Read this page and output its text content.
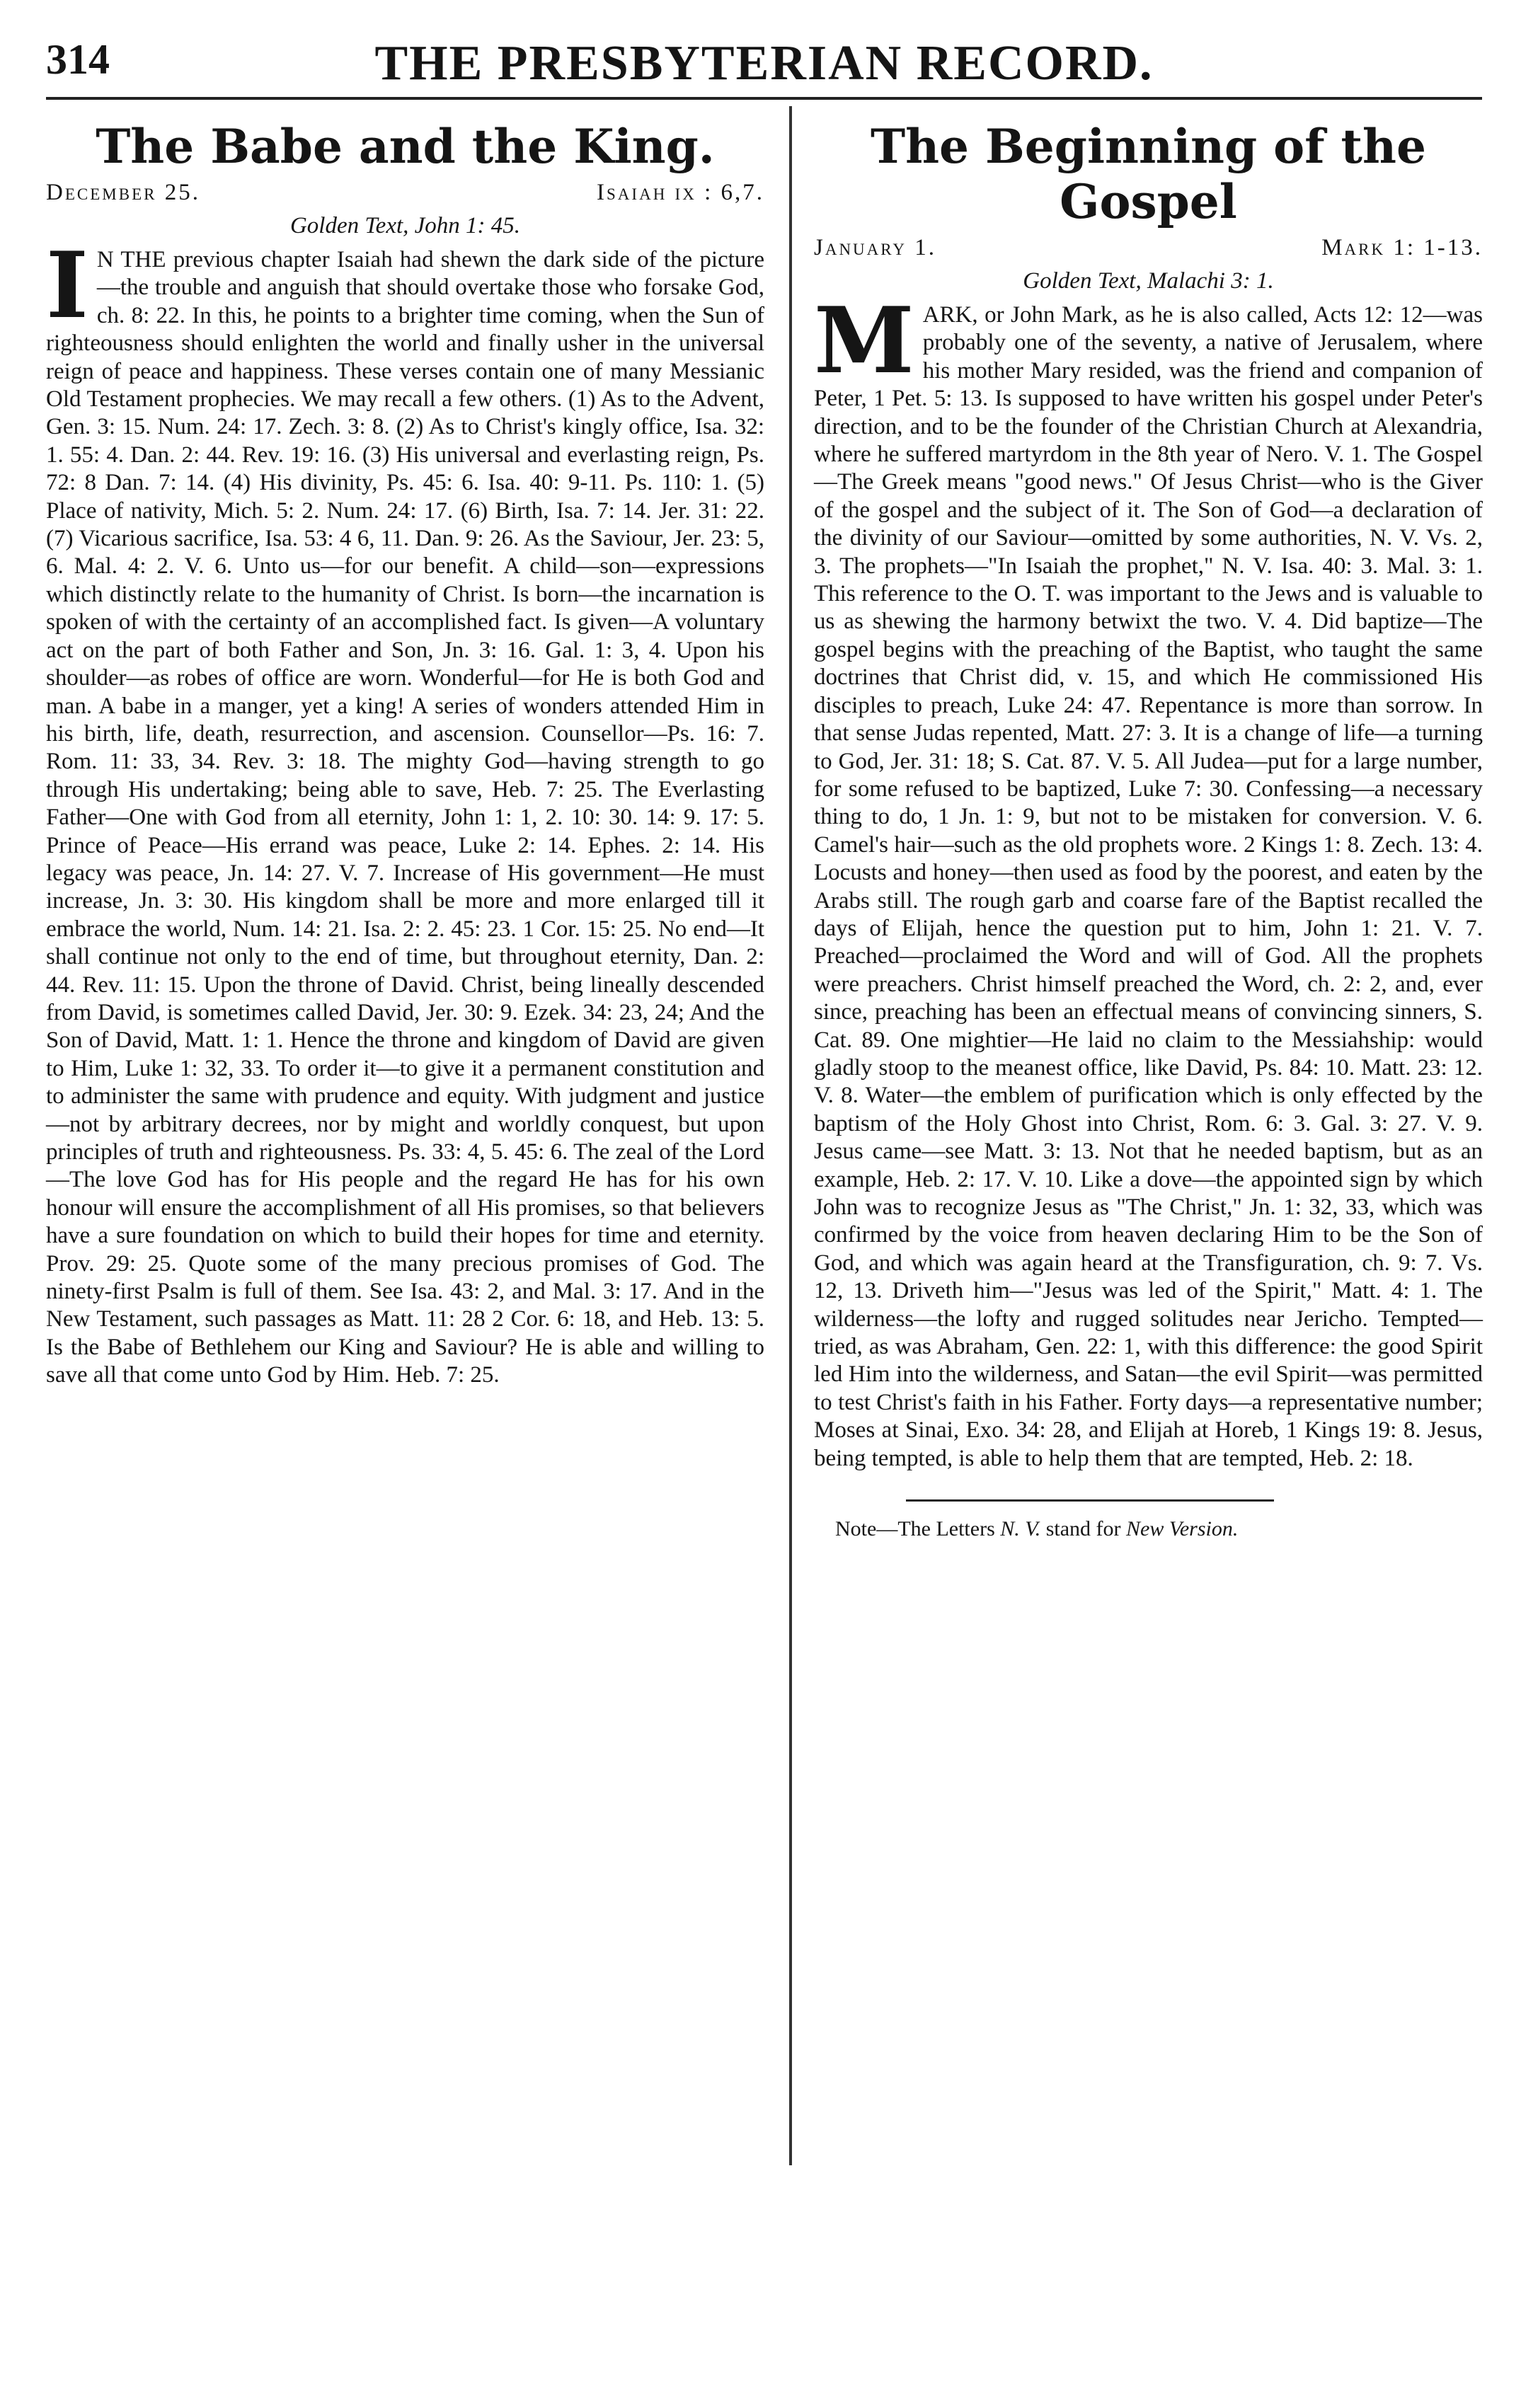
314	THE PRESBYTERIAN RECORD.
The Babe and the King.
December 25.	Isaiah ix : 6,7.
Golden Text, John 1: 45.

I N THE previous chapter Isaiah had shewn the dark side of the picture—the trouble and anguish that should overtake those who forsake God, ch. 8: 22. In this, he points to a brighter time coming, when the Sun of righteousness should enlighten the world and finally usher in the universal reign of peace and happiness. These verses contain one of many Messianic Old Testament prophecies. We may recall a few others. (1) As to the Advent, Gen. 3: 15. Num. 24: 17. Zech. 3: 8. (2) As to Christ's kingly office, Isa. 32: 1. 55: 4. Dan. 2: 44. Rev. 19: 16. (3) His universal and everlasting reign, Ps. 72: 8 Dan. 7: 14. (4) His divinity, Ps. 45: 6. Isa. 40: 9-11. Ps. 110: 1. (5) Place of nativity, Mich. 5: 2. Num. 24: 17. (6) Birth, Isa. 7: 14. Jer. 31: 22. (7) Vicarious sacrifice, Isa. 53: 4 6, 11. Dan. 9: 26. As the Saviour, Jer. 23: 5, 6. Mal. 4: 2. V. 6. Unto us—for our benefit. A child—son—expressions which distinctly relate to the humanity of Christ. Is born—the incarnation is spoken of with the certainty of an accomplished fact. Is given—A voluntary act on the part of both Father and Son, Jn. 3: 16. Gal. 1: 3, 4. Upon his shoulder—as robes of office are worn. Wonderful—for He is both God and man. A babe in a manger, yet a king! A series of wonders attended Him in his birth, life, death, resurrection, and ascension. Counsellor—Ps. 16: 7. Rom. 11: 33, 34. Rev. 3: 18. The mighty God—having strength to go through His undertaking; being able to save, Heb. 7: 25. The Everlasting Father—One with God from all eternity, John 1: 1, 2. 10: 30. 14: 9. 17: 5. Prince of Peace—His errand was peace, Luke 2: 14. Ephes. 2: 14. His legacy was peace, Jn. 14: 27. V. 7. Increase of His government—He must increase, Jn. 3: 30. His kingdom shall be more and more enlarged till it embrace the world, Num. 14: 21. Isa. 2: 2. 45: 23. 1 Cor. 15: 25. No end—It shall continue not only to the end of time, but throughout eternity, Dan. 2: 44. Rev. 11: 15. Upon the throne of David. Christ, being lineally descended from David, is sometimes called David, Jer. 30: 9. Ezek. 34: 23, 24; And the Son of David, Matt. 1: 1. Hence the throne and kingdom of David are given to Him, Luke 1: 32, 33. To order it—to give it a permanent constitution and to administer the same with prudence and equity. With judgment and justice—not by arbitrary decrees, nor by might and worldly conquest, but upon principles of truth and righteousness. Ps. 33: 4, 5. 45: 6. The zeal of the Lord—The love God has for His people and the regard He has for his own honour will ensure the accomplishment of all His promises, so that believers have a sure foundation on which to build their hopes for time and eternity. Prov. 29: 25. Quote some of the many precious promises of God. The ninety-first Psalm is full of them. See Isa. 43: 2, and Mal. 3: 17. And in the New Testament, such passages as Matt. 11: 28 2 Cor. 6: 18, and Heb. 13: 5. Is the Babe of Bethlehem our King and Saviour? He is able and willing to save all that come unto God by Him. Heb. 7: 25.

The Beginning of the Gospel
January 1.	Mark 1: 1-13.
Golden Text, Malachi 3: 1.

MARK, or John Mark, as he is also called, Acts 12: 12—was probably one of the seventy, a native of Jerusalem, where his mother Mary resided, was the friend and companion of Peter, 1 Pet. 5: 13. Is supposed to have written his gospel under Peter's direction, and to be the founder of the Christian Church at Alexandria, where he suffered martyrdom in the 8th year of Nero. V. 1. The Gospel—The Greek means "good news." Of Jesus Christ—who is the Giver of the gospel and the subject of it. The Son of God—a declaration of the divinity of our Saviour—omitted by some authorities, N. V. Vs. 2, 3. The prophets—"In Isaiah the prophet," N. V. Isa. 40: 3. Mal. 3: 1. This reference to the O. T. was important to the Jews and is valuable to us as shewing the harmony betwixt the two. V. 4. Did baptize—The gospel begins with the preaching of the Baptist, who taught the same doctrines that Christ did, v. 15, and which He commissioned His disciples to preach, Luke 24: 47. Repentance is more than sorrow. In that sense Judas repented, Matt. 27: 3. It is a change of life—a turning to God, Jer. 31: 18; S. Cat. 87. V. 5. All Judea—put for a large number, for some refused to be baptized, Luke 7: 30. Confessing—a necessary thing to do, 1 Jn. 1: 9, but not to be mistaken for conversion. V. 6. Camel's hair—such as the old prophets wore. 2 Kings 1: 8. Zech. 13: 4. Locusts and honey—then used as food by the poorest, and eaten by the Arabs still. The rough garb and coarse fare of the Baptist recalled the days of Elijah, hence the question put to him, John 1: 21. V. 7. Preached—proclaimed the Word and will of God. All the prophets were preachers. Christ himself preached the Word, ch. 2: 2, and, ever since, preaching has been an effectual means of convincing sinners, S. Cat. 89. One mightier—He laid no claim to the Messiahship: would gladly stoop to the meanest office, like David, Ps. 84: 10. Matt. 23: 12. V. 8. Water—the emblem of purification which is only effected by the baptism of the Holy Ghost into Christ, Rom. 6: 3. Gal. 3: 27. V. 9. Jesus came—see Matt. 3: 13. Not that he needed baptism, but as an example, Heb. 2: 17. V. 10. Like a dove—the appointed sign by which John was to recognize Jesus as "The Christ," Jn. 1: 32, 33, which was confirmed by the voice from heaven declaring Him to be the Son of God, and which was again heard at the Transfiguration, ch. 9: 7. Vs. 12, 13. Driveth him—"Jesus was led of the Spirit," Matt. 4: 1. The wilderness—the lofty and rugged solitudes near Jericho. Tempted—tried, as was Abraham, Gen. 22: 1, with this difference: the good Spirit led Him into the wilderness, and Satan—the evil Spirit—was permitted to test Christ's faith in his Father. Forty days—a representative number; Moses at Sinai, Exo. 34: 28, and Elijah at Horeb, 1 Kings 19: 8. Jesus, being tempted, is able to help them that are tempted, Heb. 2: 18.

Note—The Letters N. V. stand for New Version.
